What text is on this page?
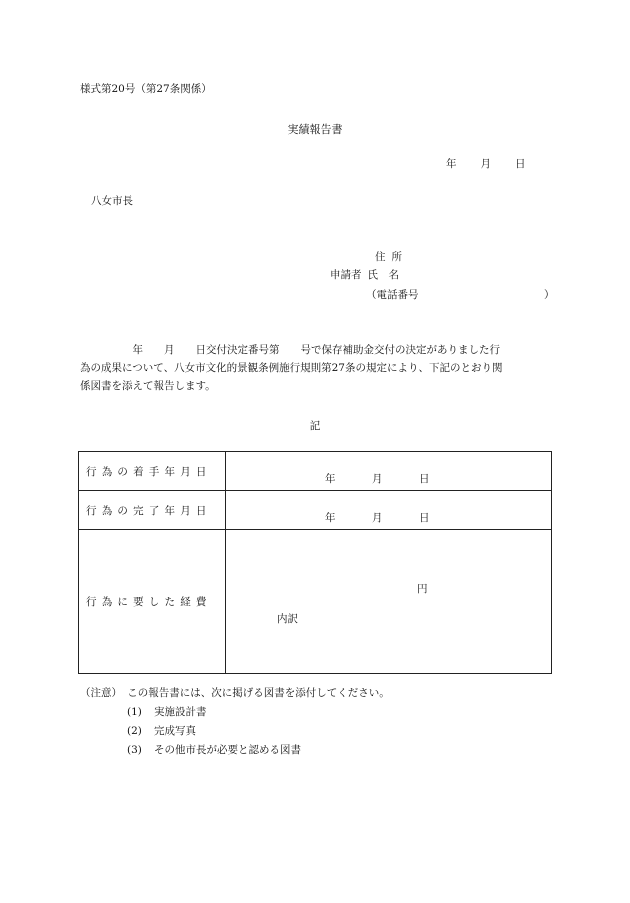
様式第20号（第27条関係）
実績報告書
年 月 日
八女市長
住所
申請者 氏　名
（電話番号	）

　　　　　年　　月　　日交付決定番号第　　号で保存補助金交付の決定がありました行

為の成果について、八女市文化的景観条例施行規則第27条の規定により、下記のとおり関

係図書を添えて報告します。

記
行為の着手年月日	年 月 日

行為の完了年月日	年 月 日

行為に要した経費	円
内訳
（注意）　この報告書には、次に掲げる図書を添付してください。
(1) 実施設計書
(2) 完成写真
(3) その他市長が必要と認める図書
